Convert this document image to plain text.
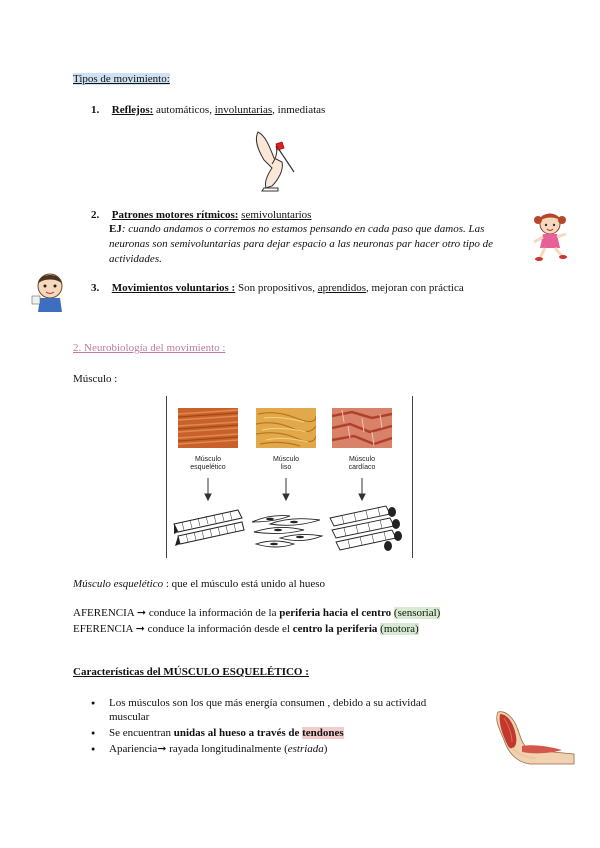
Tipos de movimiento:
1. Reflejos: automáticos, involuntarias, inmediatas
2. Patrones motores rítmicos: semivoluntarios
EJ: cuando andamos o corremos no estamos pensando en cada paso que damos. Las
neuronas son semivoluntarias para dejar espacio a las neuronas par hacer otro tipo de
actividades.
3. Movimientos voluntarios : Son propositivos, aprendidos, mejoran con práctica
2. Neurobiología del movimiento :
Músculo :
Músculo
esquelético
Músculo
liso
Músculo
cardíaco
Músculo esquelético : que el músculo está unido al hueso
AFERENCIA ➞ conduce la información de la periferia hacia el centro (sensorial)
EFERENCIA ➞ conduce la información desde el centro la periferia (motora)
Características del MÚSCULO ESQUELÉTICO :
● Los músculos son los que más energía consumen , debido a su actividad
muscular
● Se encuentran unidas al hueso a través de tendones
● Apariencia➞ rayada longitudinalmente (estriada)
